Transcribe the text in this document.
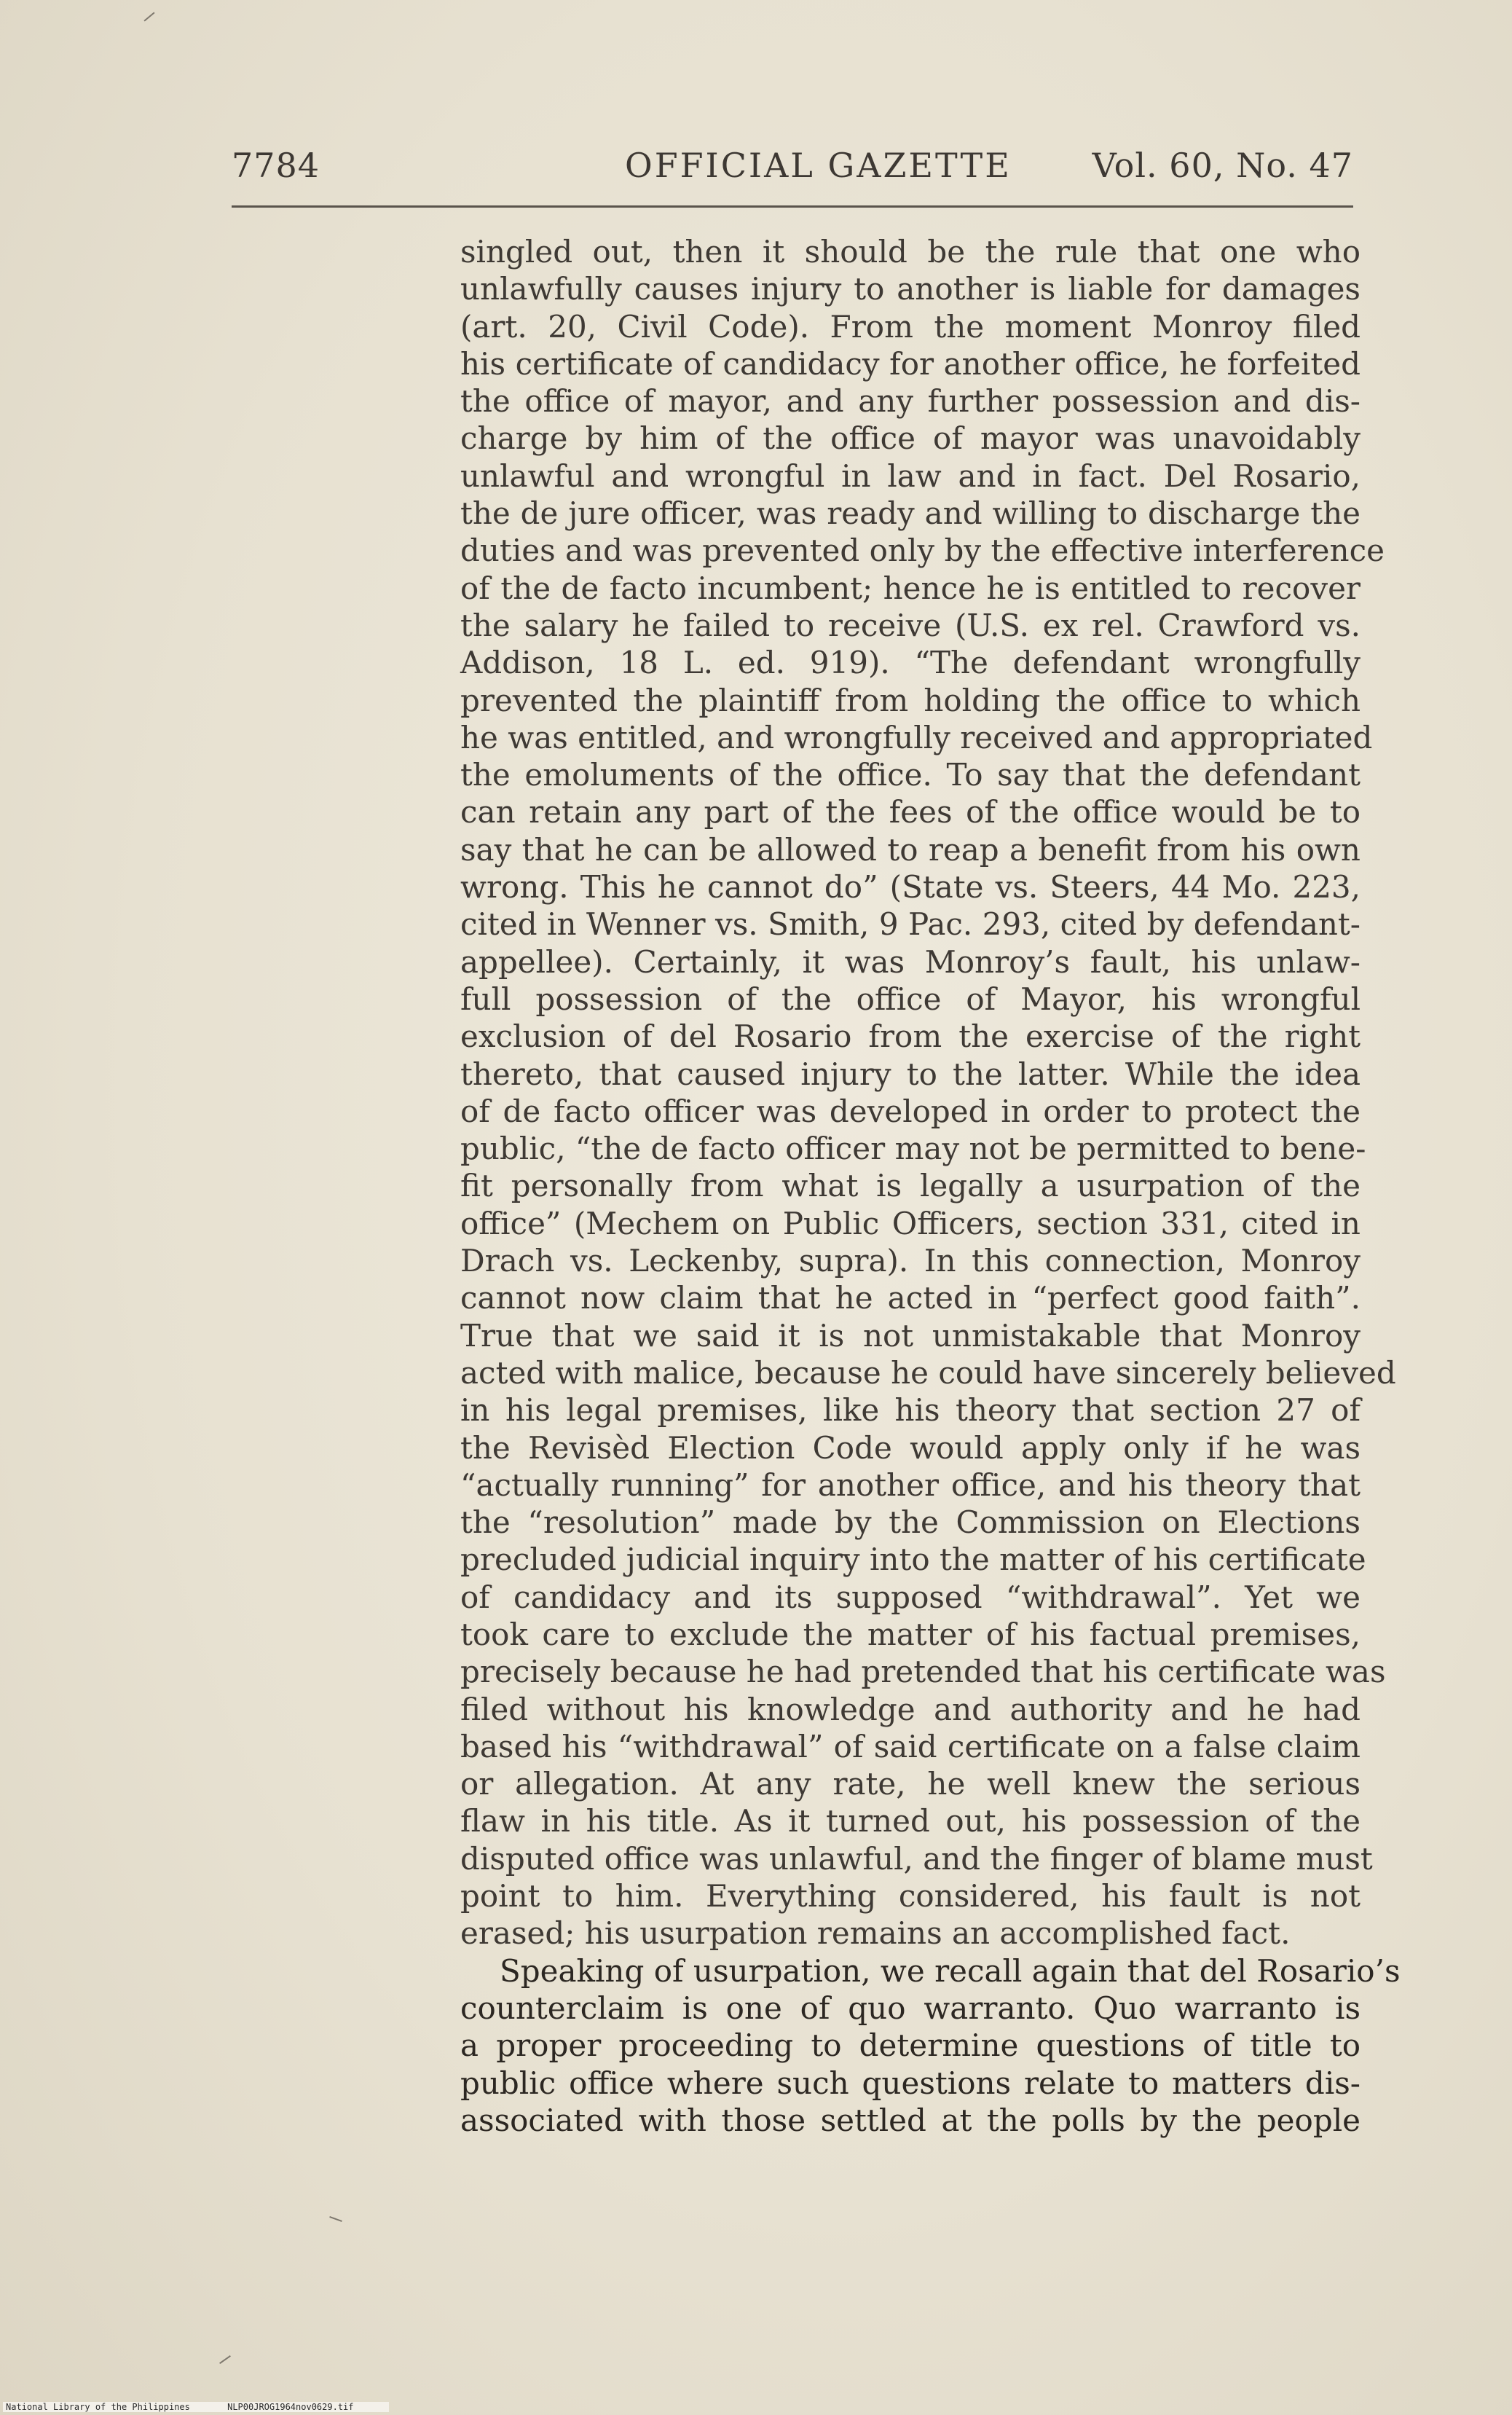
7784	OFFICIAL GAZETTE Vol. 60, No. 47
singled out, then it should be the rule that one who
unlawfully causes injury to another is liable for damages
(art. 20, Civil Code). From the moment Monroy filed
his certificate of candidacy for another office, he forfeited
the office of mayor, and any further possession and dis-
charge by him of the office of mayor was unavoidably
unlawful and wrongful in law and in fact. Del Rosario,
the de jure officer, was ready and willing to discharge the
duties and was prevented only by the effective interference
of the de facto incumbent; hence he is entitled to recover
the salary he failed to receive (U.S. ex rel. Crawford vs.
Addison, 18 L. ed. 919). “The defendant wrongfully
prevented the plaintiff from holding the office to which
he was entitled, and wrongfully received and appropriated
the emoluments of the office. To say that the defendant
can retain any part of the fees of the office would be to
say that he can be allowed to reap a benefit from his own
wrong. This he cannot do” (State vs. Steers, 44 Mo. 223,
cited in Wenner vs. Smith, 9 Pac. 293, cited by defendant-
appellee). Certainly, it was Monroy’s fault, his unlaw-
full possession of the office of Mayor, his wrongful
exclusion of del Rosario from the exercise of the right
thereto, that caused injury to the latter. While the idea
of de facto officer was developed in order to protect the
public, “the de facto officer may not be permitted to bene-
fit personally from what is legally a usurpation of the
office” (Mechem on Public Officers, section 331, cited in
Drach vs. Leckenby, supra). In this connection, Monroy
cannot now claim that he acted in “perfect good faith”.
True that we said it is not unmistakable that Monroy
acted with malice, because he could have sincerely believed
in his legal premises, like his theory that section 27 of
the Revisèd Election Code would apply only if he was
“actually running” for another office, and his theory that
the “resolution” made by the Commission on Elections
precluded judicial inquiry into the matter of his certificate
of candidacy and its supposed “withdrawal”. Yet we
took care to exclude the matter of his factual premises,
precisely because he had pretended that his certificate was
filed without his knowledge and authority and he had
based his “withdrawal” of said certificate on a false claim
or allegation. At any rate, he well knew the serious
flaw in his title. As it turned out, his possession of the
disputed office was unlawful, and the finger of blame must
point to him. Everything considered, his fault is not
erased; his usurpation remains an accomplished fact.
Speaking of usurpation, we recall again that del Rosario’s
counterclaim is one of quo warranto. Quo warranto is
a proper proceeding to determine questions of title to
public office where such questions relate to matters dis-
associated with those settled at the polls by the people
National Library of the Philippines	NLP00JROG1964nov0629.tif
